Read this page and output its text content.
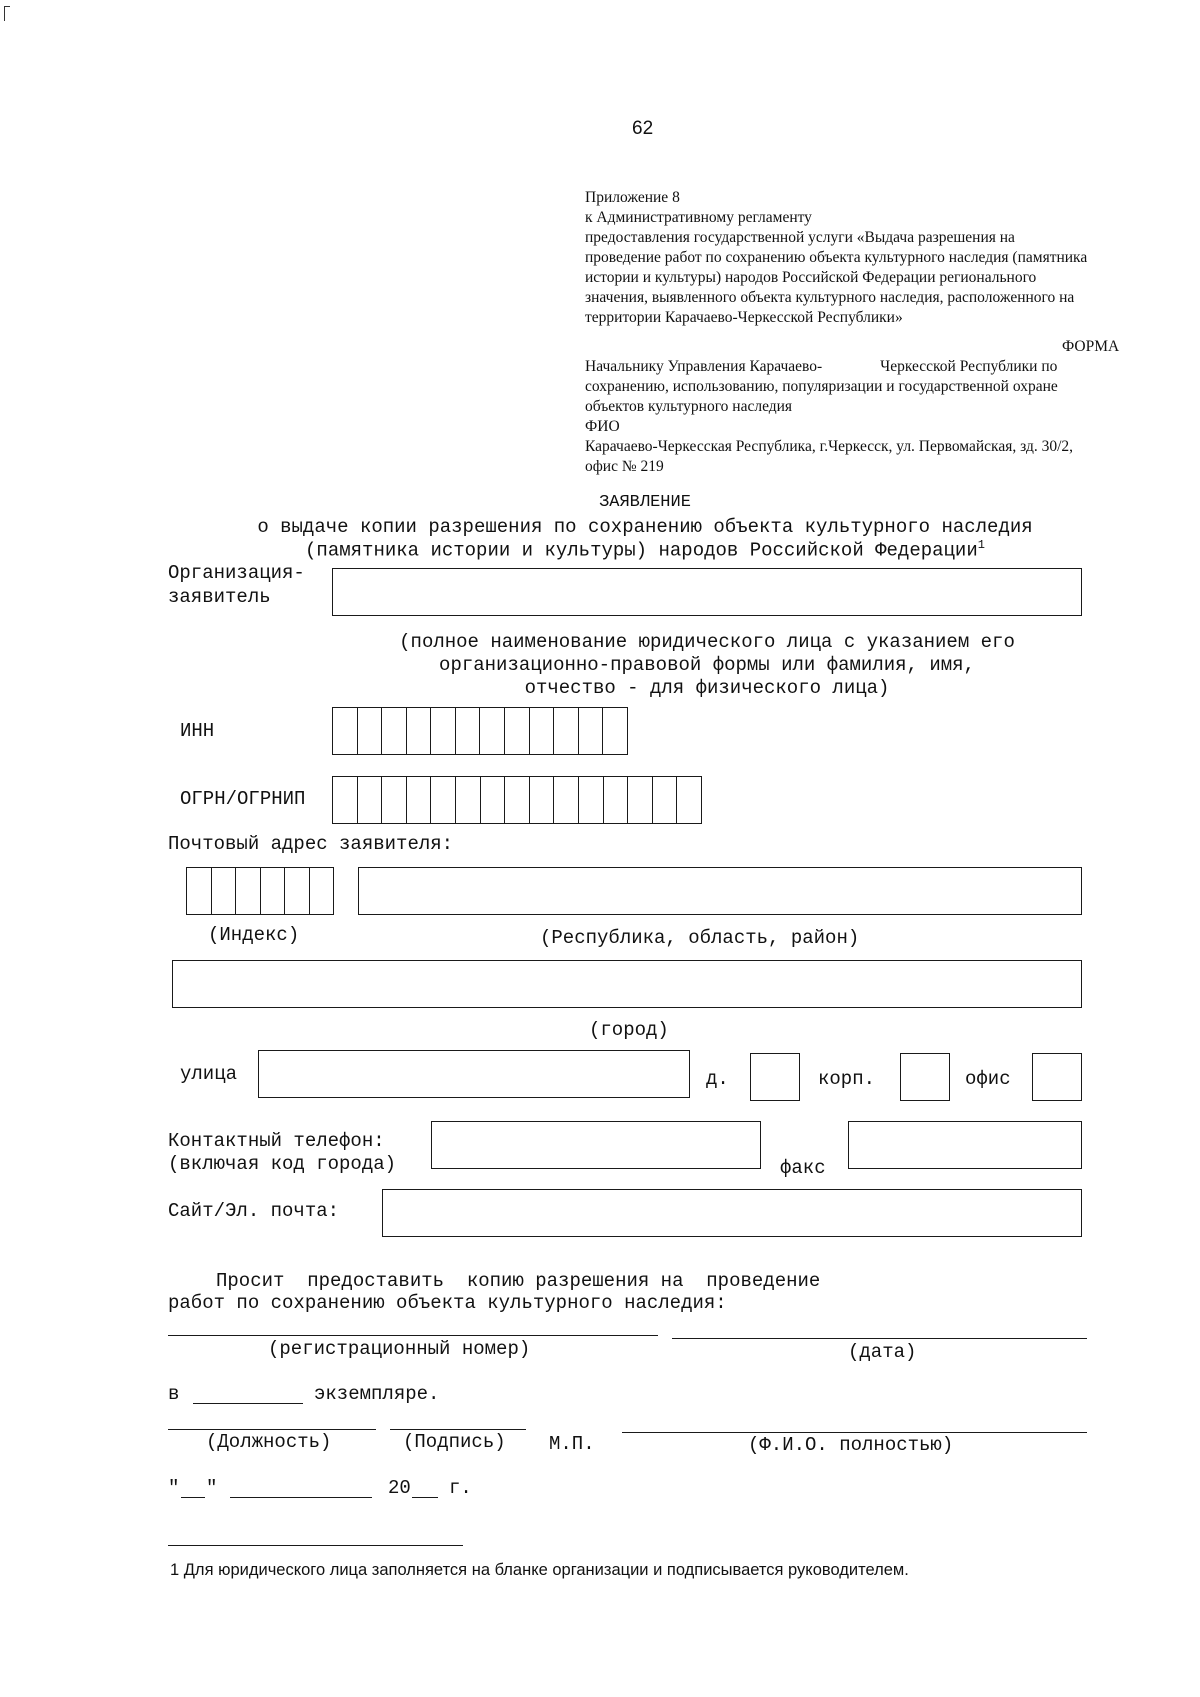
62
Приложение 8
к Административному регламенту
предоставления государственной услуги «Выдача разрешения на
проведение работ по сохранению объекта культурного наследия (памятника
истории и культуры) народов Российской Федерации регионального
значения, выявленного объекта культурного наследия, расположенного на
территории Карачаево-Черкесской Республики»
ФОРМА
Начальнику Управления Карачаево-	Черкесской Республики по
сохранению, использованию, популяризации и государственной охране
объектов культурного наследия
ФИО
Карачаево-Черкесская Республика, г.Черкесск, ул. Первомайская, зд. 30/2,
офис № 219
ЗАЯВЛЕНИЕ
о выдаче копии разрешения по сохранению объекта культурного наследия
(памятника истории и культуры) народов Российской Федерации$^1$
Организация-
заявитель
(полное наименование юридического лица с указанием его
организационно-правовой формы или фамилия, имя,
отчество - для физического лица)
ИНН
ОГРН/ОГРНИП
Почтовый адрес заявителя:
(Индекс)	(Республика, область, район)
(город)
улица	д.	корп.	офис
Контактный телефон:
(включая код города)	факс
Сайт/Эл. почта:
Просит  предоставить  копию разрешения на  проведение
работ по сохранению объекта культурного наследия:
(регистрационный номер)	(дата)
в	экземпляре.
(Должность)	(Подпись) М.П.	(Ф.И.О. полностью)
" "	20 г.
1 Для юридического лица заполняется на бланке организации и подписывается руководителем.
